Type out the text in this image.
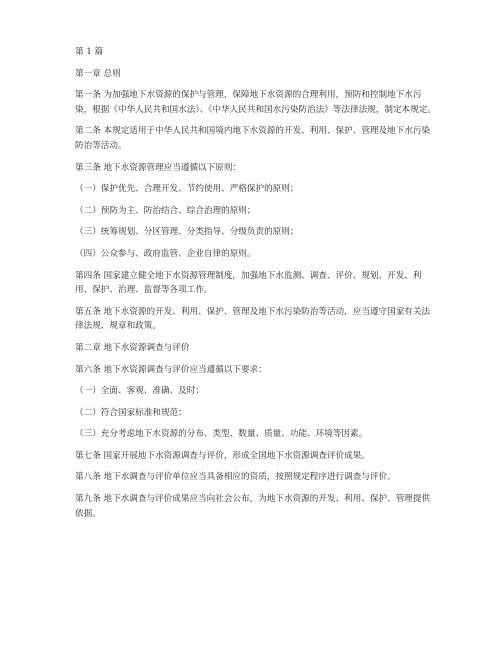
第 1 篇

第一章 总则

第一条 为加强地下水资源的保护与管理，保障地下水资源的合理利用，预防和控制地下水污染，根据《中华人民共和国水法》、《中华人民共和国水污染防治法》等法律法规，制定本规定。

第二条 本规定适用于中华人民共和国境内地下水资源的开发、利用、保护、管理及地下水污染防治等活动。

第三条 地下水资源管理应当遵循以下原则：

（一）保护优先、合理开发、节约使用、严格保护的原则；

（二）预防为主、防治结合、综合治理的原则；

（三）统筹规划、分区管理、分类指导、分级负责的原则；

（四）公众参与、政府监管、企业自律的原则。

第四条 国家建立健全地下水资源管理制度，加强地下水监测、调查、评价、规划、开发、利用、保护、治理、监督等各项工作。

第五条 地下水资源的开发、利用、保护、管理及地下水污染防治等活动，应当遵守国家有关法律法规、规章和政策。

第二章 地下水资源调查与评价

第六条 地下水资源调查与评价应当遵循以下要求：

（一）全面、客观、准确、及时；

（二）符合国家标准和规范；

（三）充分考虑地下水资源的分布、类型、数量、质量、功能、环境等因素。

第七条 国家开展地下水资源调查与评价，形成全国地下水资源调查评价成果。

第八条 地下水调查与评价单位应当具备相应的资质，按照规定程序进行调查与评价。

第九条 地下水调查与评价成果应当向社会公布，为地下水资源的开发、利用、保护、管理提供依据。
